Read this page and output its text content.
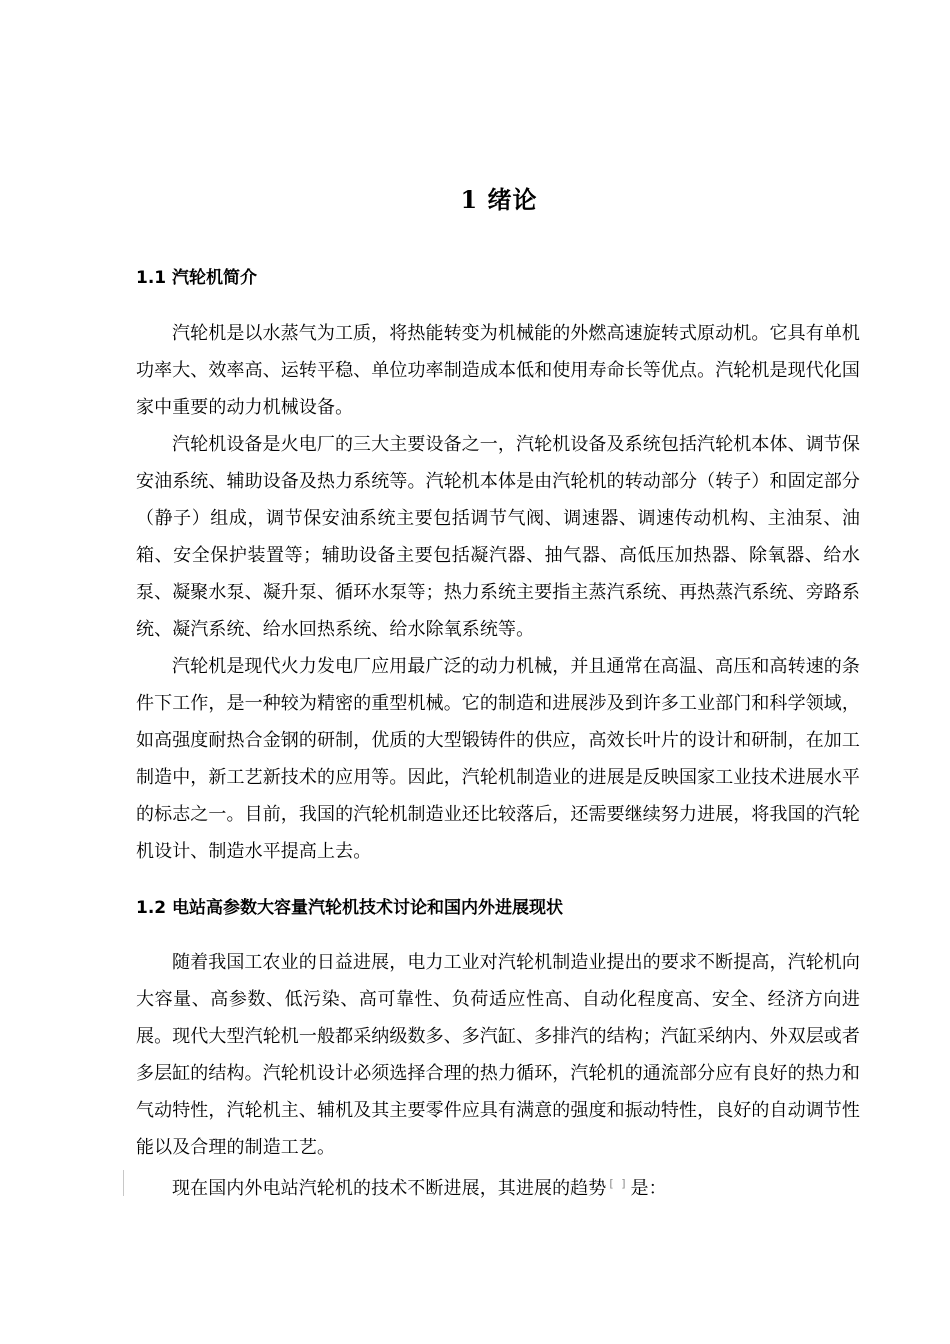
1 绪论
1.1 汽轮机简介

汽轮机是以水蒸气为工质，将热能转变为机械能的外燃高速旋转式原动机。它具有单机功率大、效率高、运转平稳、单位功率制造成本低和使用寿命长等优点。汽轮机是现代化国家中重要的动力机械设备。

汽轮机设备是火电厂的三大主要设备之一，汽轮机设备及系统包括汽轮机本体、调节保安油系统、辅助设备及热力系统等。汽轮机本体是由汽轮机的转动部分（转子）和固定部分（静子）组成，调节保安油系统主要包括调节气阀、调速器、调速传动机构、主油泵、油箱、安全保护装置等；辅助设备主要包括凝汽器、抽气器、高低压加热器、除氧器、给水泵、凝聚水泵、凝升泵、循环水泵等；热力系统主要指主蒸汽系统、再热蒸汽系统、旁路系统、凝汽系统、给水回热系统、给水除氧系统等。

汽轮机是现代火力发电厂应用最广泛的动力机械，并且通常在高温、高压和高转速的条件下工作，是一种较为精密的重型机械。它的制造和进展涉及到许多工业部门和科学领域，如高强度耐热合金钢的研制，优质的大型锻铸件的供应，高效长叶片的设计和研制，在加工制造中，新工艺新技术的应用等。因此，汽轮机制造业的进展是反映国家工业技术进展水平的标志之一。目前，我国的汽轮机制造业还比较落后，还需要继续努力进展，将我国的汽轮机设计、制造水平提高上去。

1.2 电站高参数大容量汽轮机技术讨论和国内外进展现状

随着我国工农业的日益进展，电力工业对汽轮机制造业提出的要求不断提高，汽轮机向大容量、高参数、低污染、高可靠性、负荷适应性高、自动化程度高、安全、经济方向进展。现代大型汽轮机一般都采纳级数多、多汽缸、多排汽的结构；汽缸采纳内、外双层或者多层缸的结构。汽轮机设计必须选择合理的热力循环，汽轮机的通流部分应有良好的热力和气动特性，汽轮机主、辅机及其主要零件应具有满意的强度和振动特性，良好的自动调节性能以及合理的制造工艺。

现在国内外电站汽轮机的技术不断进展，其进展的趋势 [ ] 是：
